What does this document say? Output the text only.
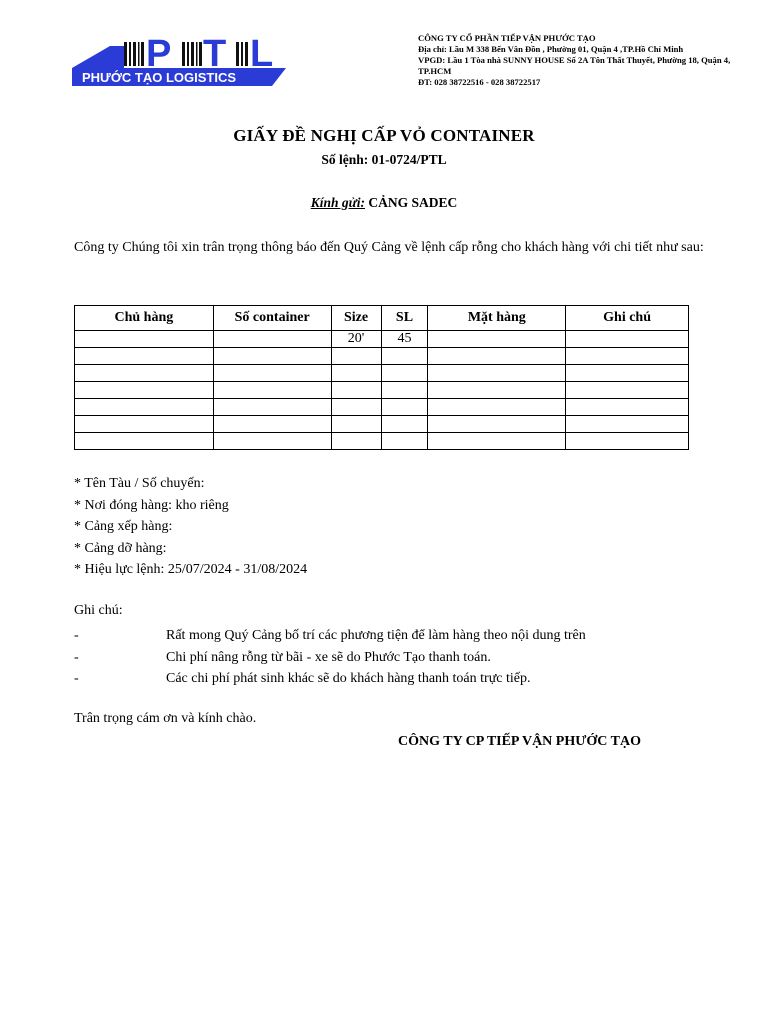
P T L
PHƯỚC TẠO LOGISTICS
CÔNG TY CỔ PHẦN TIẾP VẬN PHƯỚC TẠO
Địa chỉ: Lầu M 338 Bến Vân Đồn , Phường 01, Quận 4 ,TP.Hồ Chí Minh
VPGD: Lầu 1 Tòa nhà SUNNY HOUSE Số 2A Tôn Thất Thuyết, Phường 18, Quận 4, TP.HCM
ĐT: 028 38722516 - 028 38722517
GIẤY ĐỀ NGHỊ CẤP VỎ CONTAINER
Số lệnh: 01-0724/PTL
Kính gửi: CẢNG SADEC
Công ty Chúng tôi xin trân trọng thông báo đến Quý Cảng về lệnh cấp rỗng cho khách hàng với chi tiết như sau:
Chủ hàng	Số container	Size	SL	Mặt hàng	Ghi chú
		20'	45		

* Tên Tàu / Số chuyến:
* Nơi đóng hàng: kho riêng
* Cảng xếp hàng:
* Cảng dỡ hàng:
* Hiệu lực lệnh: 25/07/2024 - 31/08/2024
Ghi chú:
-	Rất mong Quý Cảng bố trí các phương tiện để làm hàng theo nội dung trên
-	Chi phí nâng rỗng từ bãi - xe sẽ do Phước Tạo thanh toán.
-	Các chi phí phát sinh khác sẽ do khách hàng thanh toán trực tiếp.
Trân trọng cám ơn và kính chào.
CÔNG TY CP TIẾP VẬN PHƯỚC TẠO
